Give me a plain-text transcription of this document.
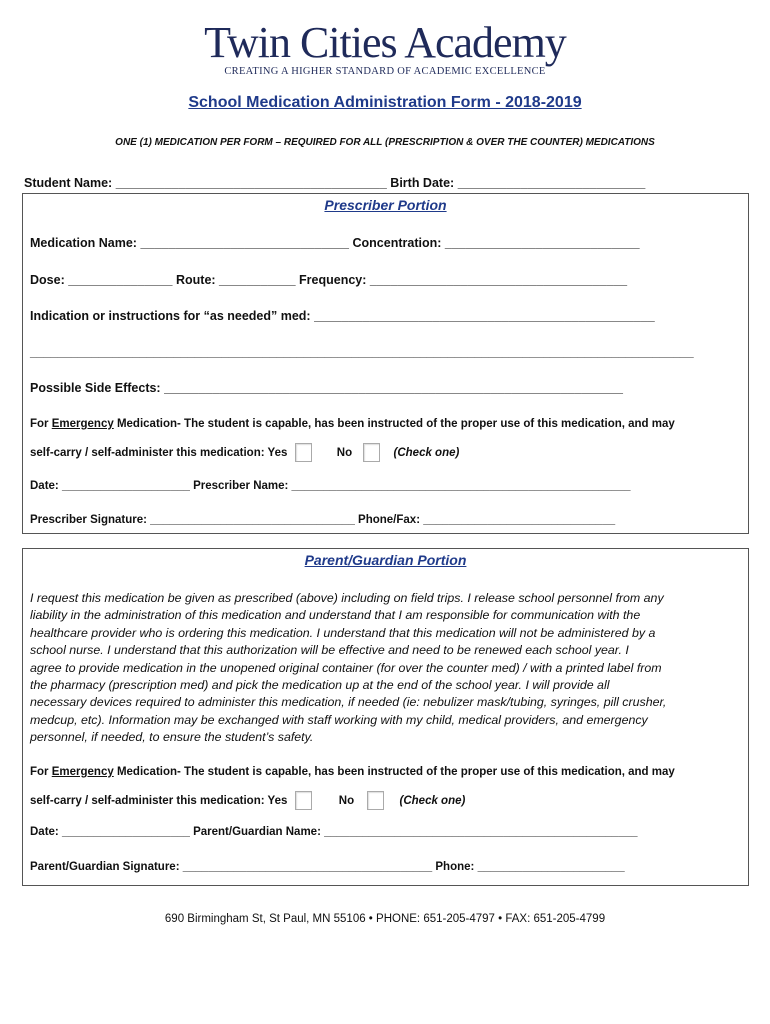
Twin Cities Academy
CREATING A HIGHER STANDARD OF ACADEMIC EXCELLENCE
School Medication Administration Form - 2018-2019
ONE (1) MEDICATION PER FORM – REQUIRED FOR ALL (PRESCRIPTION & OVER THE COUNTER) MEDICATIONS
Student Name: _______________________________________ Birth Date: ___________________________
Prescriber Portion
Medication Name: ______________________________ Concentration: ____________________________
Dose: _______________ Route: ___________ Frequency: _____________________________________
Indication or instructions for “as needed” med: _________________________________________________
_________________________________________________________________________________________________
Possible Side Effects: __________________________________________________________________
For Emergency Medication- The student is capable, has been instructed of the proper use of this medication, and may
self-carry / self-administer this medication: Yes	No	(Check one)
Date: ____________________ Prescriber Name: _____________________________________________________
Prescriber Signature: ________________________________ Phone/Fax: ______________________________
Parent/Guardian Portion
I request this medication be given as prescribed (above) including on field trips. I release school personnel from any
liability in the administration of this medication and understand that I am responsible for communication with the
healthcare provider who is ordering this medication. I understand that this medication will not be administered by a
school nurse. I understand that this authorization will be effective and need to be renewed each school year. I
agree to provide medication in the unopened original container (for over the counter med) / with a printed label from
the pharmacy (prescription med) and pick the medication up at the end of the school year. I will provide all
necessary devices required to administer this medication, if needed (ie: nebulizer mask/tubing, syringes, pill crusher,
medcup, etc). Information may be exchanged with staff working with my child, medical providers, and emergency
personnel, if needed, to ensure the student’s safety.
For Emergency Medication- The student is capable, has been instructed of the proper use of this medication, and may
self-carry / self-administer this medication: Yes	No	(Check one)
Date: ____________________ Parent/Guardian Name: _________________________________________________
Parent/Guardian Signature: _______________________________________ Phone: _______________________
690 Birmingham St, St Paul, MN 55106 • PHONE: 651-205-4797 • FAX: 651-205-4799
